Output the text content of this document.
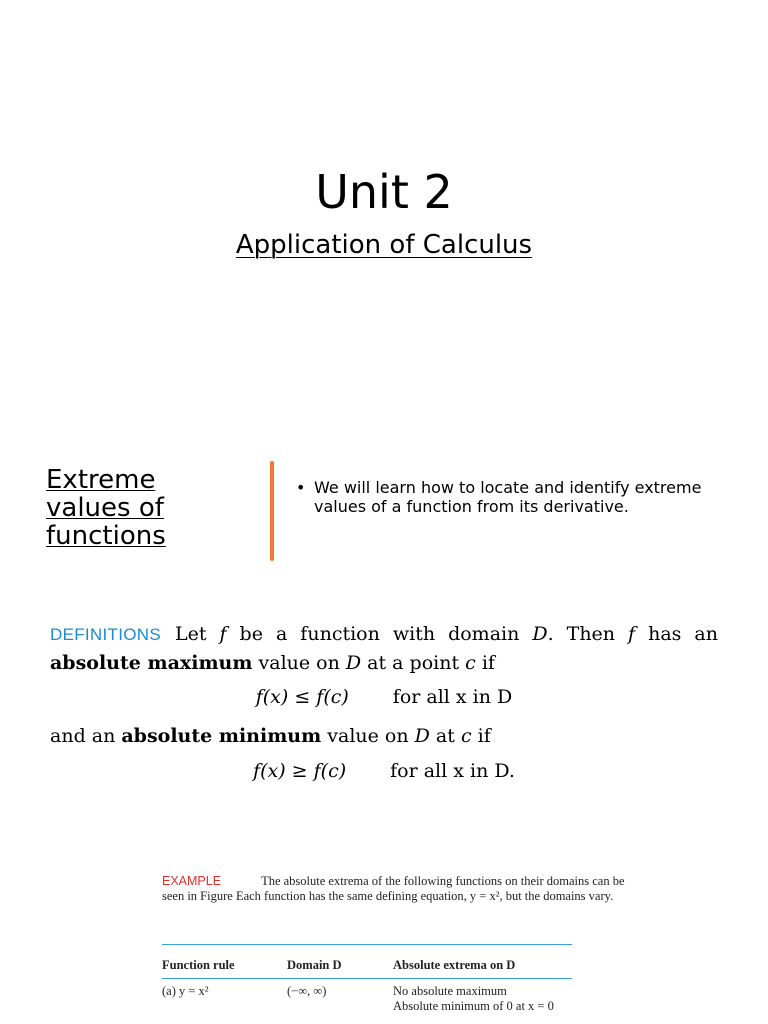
Unit 2
Application of Calculus
Extreme
values of
functions
• We will learn how to locate and identify extreme values of a function from its derivative.
DEFINITIONS Let f be a function with domain D. Then f has an absolute maximum value on D at a point c if
f(x) ≤ f(c) for all x in D
and an absolute minimum value on D at c if
f(x) ≥ f(c) for all x in D.
EXAMPLE	The absolute extrema of the following functions on their domains can be seen in Figure Each function has the same defining equation, y = x², but the domains vary.
Function rule	Domain D	Absolute extrema on D
(a) y = x²	(−∞, ∞)	No absolute maximum
Absolute minimum of 0 at x = 0
